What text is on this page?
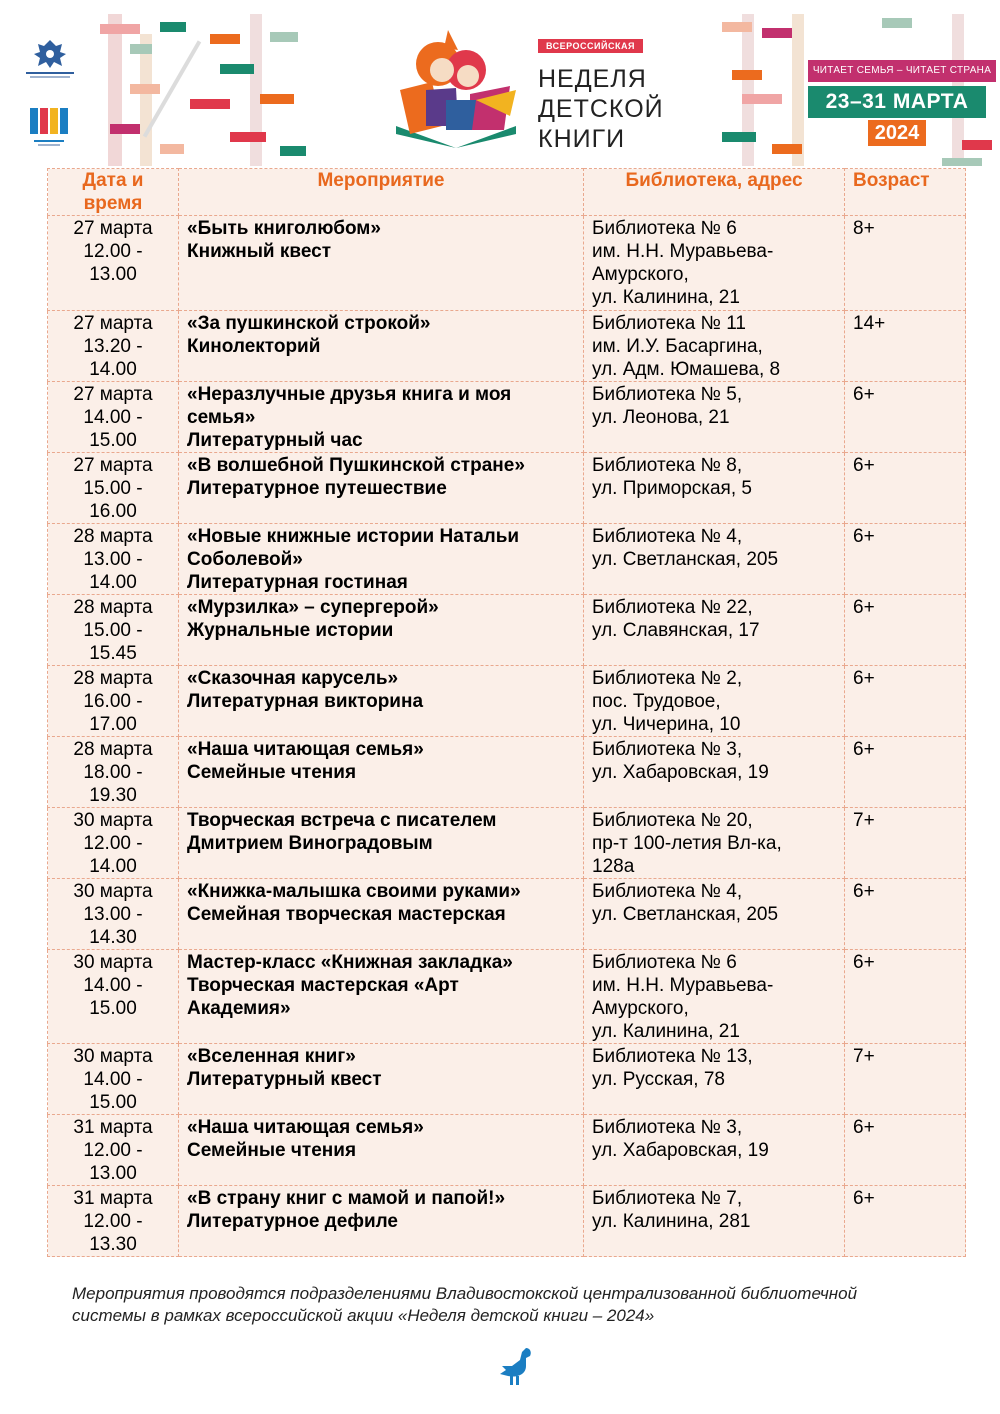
ВСЕРОССИЙСКАЯ
НЕДЕЛЯ
ДЕТСКОЙ
КНИГИ
ЧИТАЕТ СЕМЬЯ – ЧИТАЕТ СТРАНА
23–31 МАРТА
2024
Дата и время	Мероприятие	Библиотека, адрес	Возраст

27 марта
12.00 -
13.00	«Быть книголюбом»
Книжный квест	Библиотека № 6
им. Н.Н. Муравьева-
Амурского,
ул. Калинина, 21	8+

27 марта
13.20 -
14.00	«За пушкинской строкой»
Кинолекторий	Библиотека № 11
им. И.У. Басаргина,
ул. Адм. Юмашева, 8	14+

27 марта
14.00 -
15.00	«Неразлучные друзья книга и моя
семья»
Литературный час	Библиотека № 5,
ул. Леонова, 21	6+

27 марта
15.00 -
16.00	«В волшебной Пушкинской стране»
Литературное путешествие	Библиотека № 8,
ул. Приморская, 5	6+

28 марта
13.00 -
14.00	«Новые книжные истории Натальи
Соболевой»
Литературная гостиная	Библиотека № 4,
ул. Светланская, 205	6+

28 марта
15.00 -
15.45	«Мурзилка» – супергерой»
Журнальные истории	Библиотека № 22,
ул. Славянская, 17	6+

28 марта
16.00 -
17.00	«Сказочная карусель»
Литературная викторина	Библиотека № 2,
пос. Трудовое,
ул. Чичерина, 10	6+

28 марта
18.00 -
19.30	«Наша читающая семья»
Семейные чтения	Библиотека № 3,
ул. Хабаровская, 19	6+

30 марта
12.00 -
14.00	Творческая встреча с писателем
Дмитрием Виноградовым	Библиотека № 20,
пр-т 100-летия Вл-ка,
128а	7+

30 марта
13.00 -
14.30	«Книжка-малышка своими руками»
Семейная творческая мастерская	Библиотека № 4,
ул. Светланская, 205	6+

30 марта
14.00 -
15.00	Мастер-класс «Книжная закладка»
Творческая мастерская «Арт
Академия»	Библиотека № 6
им. Н.Н. Муравьева-
Амурского,
ул. Калинина, 21	6+

30 марта
14.00 -
15.00	«Вселенная книг»
Литературный квест	Библиотека № 13,
ул. Русская, 78	7+

31 марта
12.00 -
13.00	«Наша читающая семья»
Семейные чтения	Библиотека № 3,
ул. Хабаровская, 19	6+

31 марта
12.00 -
13.30	«В страну книг с мамой и папой!»
Литературное дефиле	Библиотека № 7,
ул. Калинина, 281	6+
Мероприятия проводятся подразделениями Владивостокской централизованной библиотечной
системы в рамках всероссийской акции «Неделя детской книги – 2024»
